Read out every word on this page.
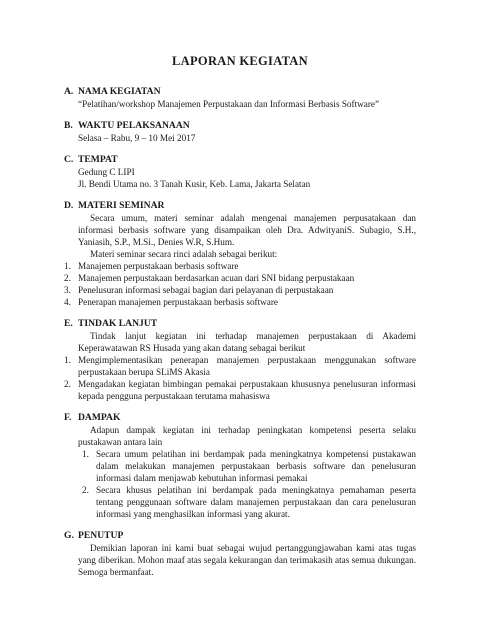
LAPORAN KEGIATAN
A. NAMA KEGIATAN

“Pelatihan/workshop Manajemen Perpustakaan dan Informasi Berbasis Software”

B. WAKTU PELAKSANAAN

Selasa – Rabu, 9 – 10 Mei 2017

C. TEMPAT

Gedung C LIPI

Jl. Bendi Utama no. 3 Tanah Kusir, Keb. Lama, Jakarta Selatan

D. MATERI SEMINAR

Secara umum, materi seminar adalah mengenai manajemen perpusatakaan dan informasi berbasis software yang disampaikan oleh Dra. AdwityaniS. Subagio, S.H., Yaniasih, S.P., M.Si., Denies W.R, S.Hum.

Materi seminar secara rinci adalah sebagai berikut:

1. Manajemen perpustakaan berbasis software
2. Manajemen perpustakaan berdasarkan acuan dari SNI bidang perpustakaan
3. Penelusuran informasi sebagai bagian dari pelayanan di perpustakaan
4. Penerapan manajemen perpustakaan berbasis software
E. TINDAK LANJUT

Tindak lanjut kegiatan ini terhadap manajemen perpustakaan di Akademi Keperawatawan RS Husada yang akan datang sebagai berikut

1. Mengimplementasikan penerapan manajemen perpustakaan menggunakan software perpustakaan berupa SLiMS Akasia
2. Mengadakan kegiatan bimbingan pemakai perpustakaan khususnya penelusuran informasi kepada pengguna perpustakaan terutama mahasiswa
F. DAMPAK

Adapun dampak kegiatan ini terhadap peningkatan kompetensi peserta selaku pustakawan antara lain

1. Secara umum pelatihan ini berdampak pada meningkatnya kompetensi pustakawan dalam melakukan manajemen perpustakaan berbasis software dan penelusuran informasi dalam menjawab kebutuhan informasi pemakai
2. Secara khusus pelatihan ini berdampak pada meningkatnya pemahaman peserta tentang penggunaan software dalam manajemen perpustakaan dan cara penelusuran informasi yang menghasilkan informasi yang akurat.
G. PENUTUP

Demikian laporan ini kami buat sebagai wujud pertanggungjawaban kami atas tugas yang diberikan. Mohon maaf atas segala kekurangan dan terimakasih atas semua dukungan. Semoga bermanfaat.
